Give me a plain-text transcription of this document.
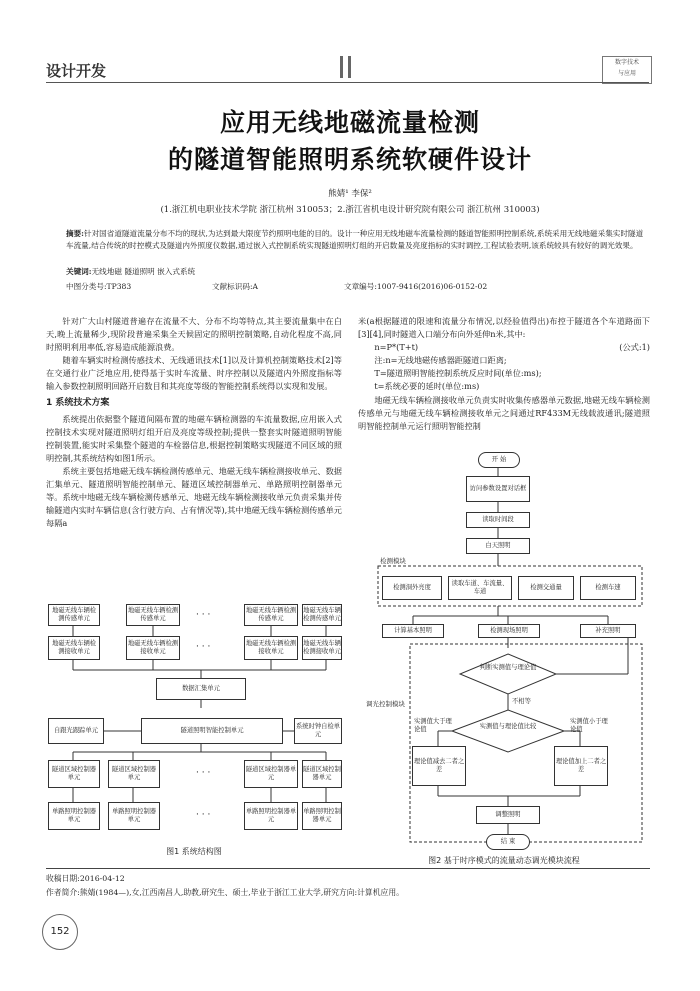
设计开发	数字技术
与应用
应用无线地磁流量检测
的隧道智能照明系统软硬件设计
熊婧¹ 李保²
(1.浙江机电职业技术学院 浙江杭州 310053；2.浙江省机电设计研究院有限公司 浙江杭州 310003)
摘要:针对国省道隧道流量分布不均的现状,为达到最大限度节约照明电能的目的。设计一种应用无线地磁车流量检测的隧道智能照明控制系统,系统采用无线地磁采集实时隧道车流量,结合传统的时控模式及隧道内外照度仪数据,通过嵌入式控制系统实现隧道照明灯组的开启数量及亮度指标的实时调控,工程试验表明,该系统较具有较好的调光效果。
关键词:无线地磁 隧道照明 嵌入式系统
中图分类号:TP383	文献标识码:A	文章编号:1007-9416(2016)06-0152-02

针对广大山村隧道普遍存在流量不大、分布不均等特点,其主要流量集中在白天,晚上流量稀少,现阶段普遍采集全天候固定的照明控制策略,自动化程度不高,同时照明利用率低,容易造成能源浪费。

随着车辆实时检测传感技术、无线通讯技术[1]以及计算机控制策略技术[2]等在交通行业广泛地应用,使得基于实时车流量、时序控制以及隧道内外照度指标等输入参数控制照明回路开启数目和其亮度等级的智能控制系统得以实现和发展。

1 系统技术方案

系统提出依据整个隧道间隔布置的地磁车辆检测器的车流量数据,应用嵌入式控制技术实现对隧道照明灯组开启及亮度等级控制;提供一整套实时隧道照明智能控制装置,能实时采集整个隧道的车检器信息,根据控制策略实现隧道不同区域的照明控制,其系统结构如图1所示。

系统主要包括地磁无线车辆检测传感单元、地磁无线车辆检测接收单元、数据汇集单元、隧道照明智能控制单元、隧道区域控制器单元、单路照明控制器单元等。系统中地磁无线车辆检测传感单元、地磁无线车辆检测接收单元负责采集并传输隧道内实时车辆信息(含行驶方向、占有情况等),其中地磁无线车辆检测传感单元每隔a

米(a根据隧道的限速和流量分布情况,以经验值得出)布控于隧道各个车道路面下[3][4],同时隧道入口端分布向外延伸n米,其中:
n=P*(T+t)	(公式:1)
注:n=无线地磁传感器距隧道口距离;
T=隧道照明智能控制系统反应时间(单位:ms);
t=系统必要的延时(单位:ms)

地磁无线车辆检测接收单元负责实时收集传感器单元数据,地磁无线车辆检测传感单元与地磁无线车辆检测接收单元之间通过RF433M无线载波通讯;隧道照明智能控制单元运行照明智能控制

地磁无线车辆检测传感单元
地磁无线车辆检测传感单元	· · ·	地磁无线车辆检测传感单元
地磁无线车辆检测传感单元
地磁无线车辆检测接收单元
地磁无线车辆检测接收单元	· · ·	地磁无线车辆检测接收单元
地磁无线车辆检测接收单元
数据汇集单元
自跟光跟踪单元	隧道照明智能控制单元
系统时钟自检单元
隧道区域控制器单元
隧道区域控制器单元	· · ·	隧道区域控制器单元
隧道区域控制器单元
单路照明控制器单元
单路照明控制器单元	· · ·	单路照明控制器单元
单路照明控制器单元
图1 系统结构图
开 始
访问参数设置对话框
读取时间段
白天照明
检测模块
检测洞外亮度
读取车道、车流量、车道
检测交通量	检测车速
计算基本照明	检测现场照明	补充照明
调光控制模块
判断实测值与理论值
不相等
实测值与理论值比较
实测值大于理论值
实测值小于理论值
理论值减去二者之差
理论值加上二者之差
调整照明
结 束
图2 基于时序模式的流量动态调光模块流程
收稿日期:2016-04-12
作者简介:熊婧(1984—),女,江西南昌人,助教,研究生、硕士,毕业于浙江工业大学,研究方向:计算机应用。
152
